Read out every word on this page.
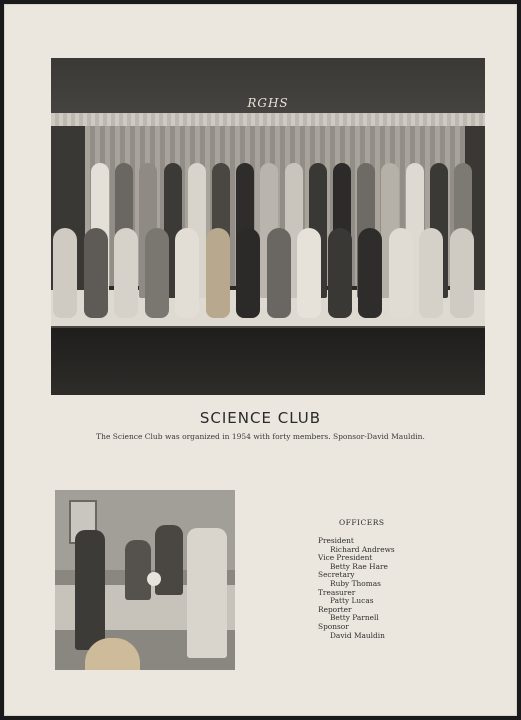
RGHS
SCIENCE CLUB
The Science Club was organized in 1954 with forty members. Sponsor-David Mauldin.
OFFICERS
President
Richard Andrews
Vice President
Betty Rae Hare
Secretary
Ruby Thomas
Treasurer
Patty Lucas
Reporter
Betty Parnell
Sponsor
David Mauldin
